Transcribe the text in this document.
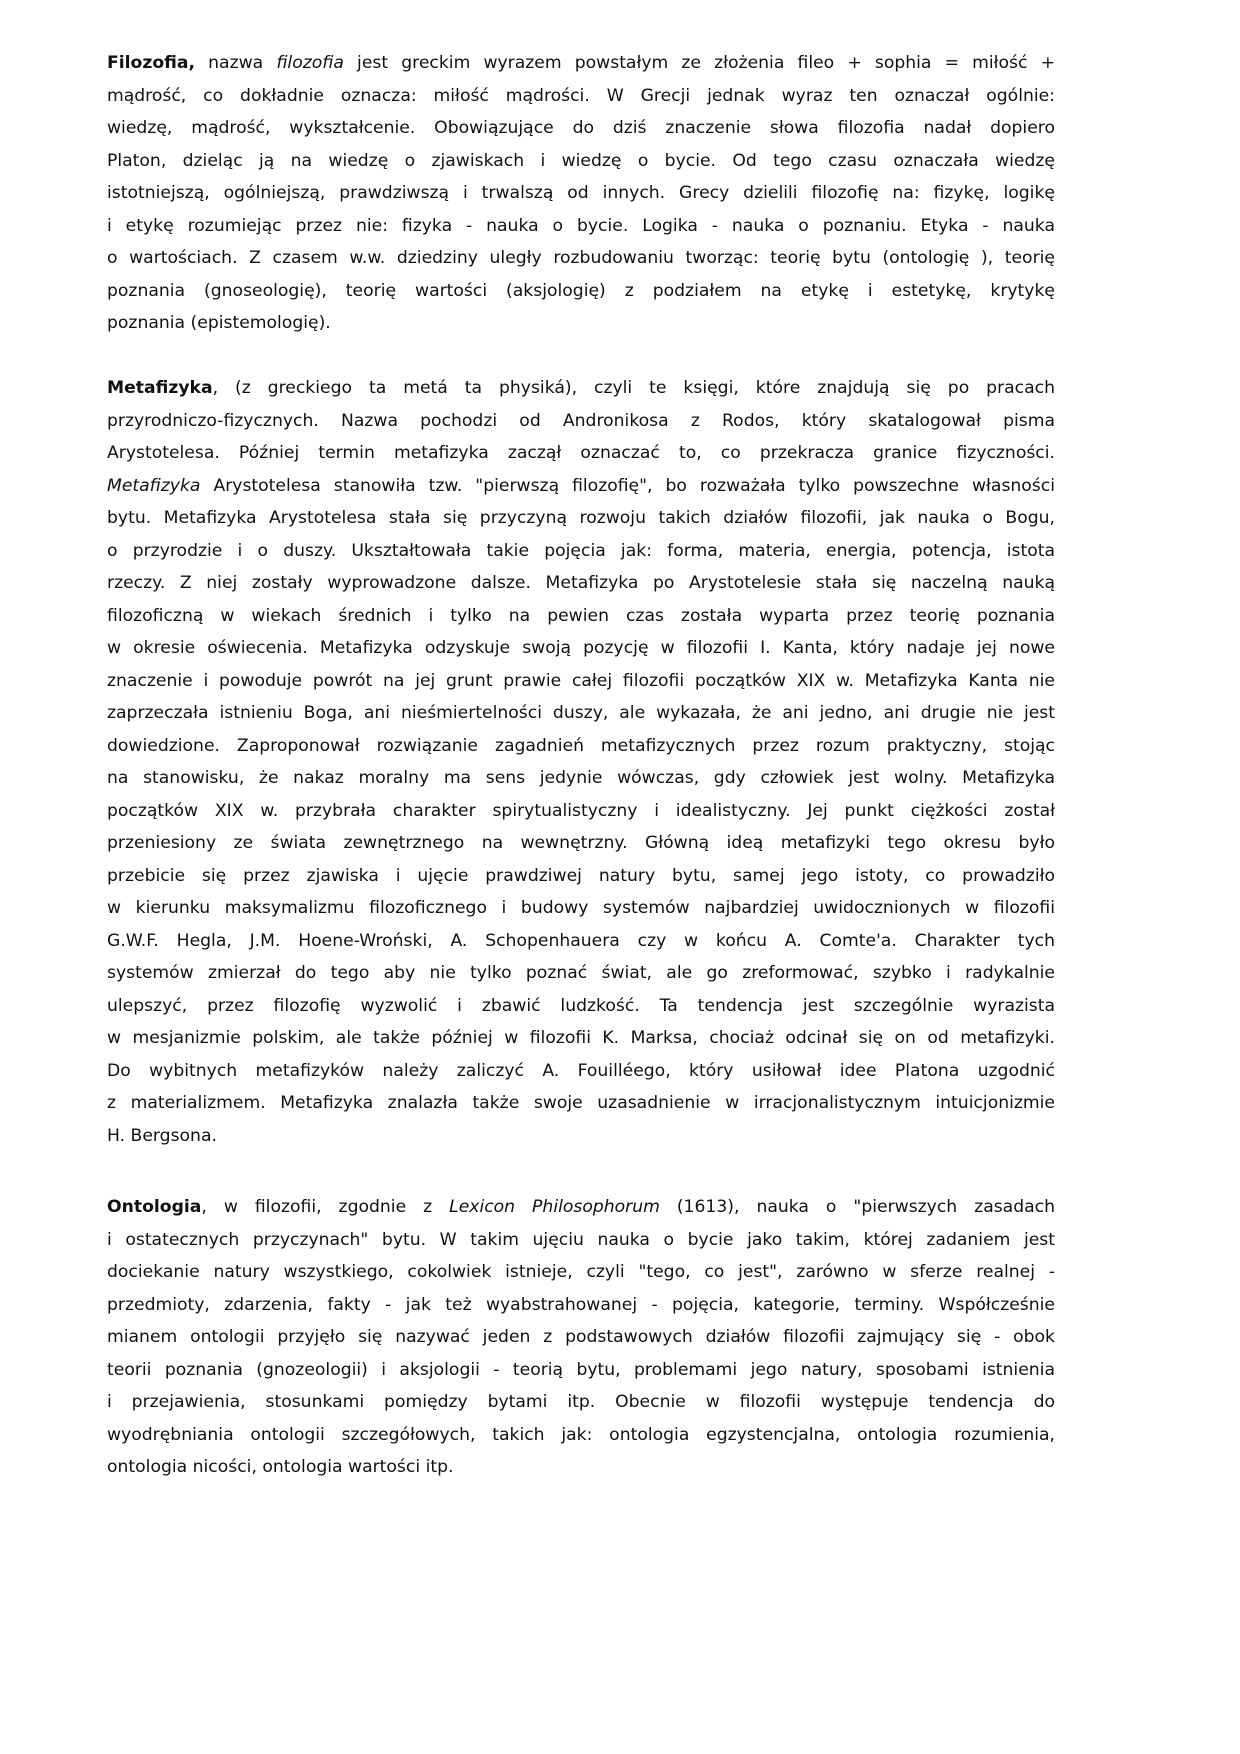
Filozofia, nazwa filozofia jest greckim wyrazem powstałym ze złożenia fileo + sophia = miłość +
mądrość, co dokładnie oznacza: miłość mądrości. W Grecji jednak wyraz ten oznaczał ogólnie:
wiedzę, mądrość, wykształcenie. Obowiązujące do dziś znaczenie słowa filozofia nadał dopiero
Platon, dzieląc ją na wiedzę o zjawiskach i wiedzę o bycie. Od tego czasu oznaczała wiedzę
istotniejszą, ogólniejszą, prawdziwszą i trwalszą od innych. Grecy dzielili filozofię na: fizykę, logikę
i etykę rozumiejąc przez nie: fizyka - nauka o bycie. Logika - nauka o poznaniu. Etyka - nauka
o wartościach. Z czasem w.w. dziedziny uległy rozbudowaniu tworząc: teorię bytu (ontologię ), teorię
poznania (gnoseologię), teorię wartości (aksjologię) z podziałem na etykę i estetykę, krytykę
poznania (epistemologię).
Metafizyka, (z greckiego ta metá ta physiká), czyli te księgi, które znajdują się po pracach
przyrodniczo-fizycznych. Nazwa pochodzi od Andronikosa z Rodos, który skatalogował pisma
Arystotelesa. Później termin metafizyka zaczął oznaczać to, co przekracza granice fizyczności.
Metafizyka Arystotelesa stanowiła tzw. "pierwszą filozofię", bo rozważała tylko powszechne własności
bytu. Metafizyka Arystotelesa stała się przyczyną rozwoju takich działów filozofii, jak nauka o Bogu,
o przyrodzie i o duszy. Ukształtowała takie pojęcia jak: forma, materia, energia, potencja, istota
rzeczy. Z niej zostały wyprowadzone dalsze. Metafizyka po Arystotelesie stała się naczelną nauką
filozoficzną w wiekach średnich i tylko na pewien czas została wyparta przez teorię poznania
w okresie oświecenia. Metafizyka odzyskuje swoją pozycję w filozofii I. Kanta, który nadaje jej nowe
znaczenie i powoduje powrót na jej grunt prawie całej filozofii początków XIX w. Metafizyka Kanta nie
zaprzeczała istnieniu Boga, ani nieśmiertelności duszy, ale wykazała, że ani jedno, ani drugie nie jest
dowiedzione. Zaproponował rozwiązanie zagadnień metafizycznych przez rozum praktyczny, stojąc
na stanowisku, że nakaz moralny ma sens jedynie wówczas, gdy człowiek jest wolny. Metafizyka
początków XIX w. przybrała charakter spirytualistyczny i idealistyczny. Jej punkt ciężkości został
przeniesiony ze świata zewnętrznego na wewnętrzny. Główną ideą metafizyki tego okresu było
przebicie się przez zjawiska i ujęcie prawdziwej natury bytu, samej jego istoty, co prowadziło
w kierunku maksymalizmu filozoficznego i budowy systemów najbardziej uwidocznionych w filozofii
G.W.F. Hegla, J.M. Hoene-Wroński, A. Schopenhauera czy w końcu A. Comte'a. Charakter tych
systemów zmierzał do tego aby nie tylko poznać świat, ale go zreformować, szybko i radykalnie
ulepszyć, przez filozofię wyzwolić i zbawić ludzkość. Ta tendencja jest szczególnie wyrazista
w mesjanizmie polskim, ale także później w filozofii K. Marksa, chociaż odcinał się on od metafizyki.
Do wybitnych metafizyków należy zaliczyć A. Fouilléego, który usiłował idee Platona uzgodnić
z materializmem. Metafizyka znalazła także swoje uzasadnienie w irracjonalistycznym intuicjonizmie
H. Bergsona.
Ontologia, w filozofii, zgodnie z Lexicon Philosophorum (1613), nauka o "pierwszych zasadach
i ostatecznych przyczynach" bytu. W takim ujęciu nauka o bycie jako takim, której zadaniem jest
dociekanie natury wszystkiego, cokolwiek istnieje, czyli "tego, co jest", zarówno w sferze realnej -
przedmioty, zdarzenia, fakty - jak też wyabstrahowanej - pojęcia, kategorie, terminy. Współcześnie
mianem ontologii przyjęło się nazywać jeden z podstawowych działów filozofii zajmujący się - obok
teorii poznania (gnozeologii) i aksjologii - teorią bytu, problemami jego natury, sposobami istnienia
i przejawienia, stosunkami pomiędzy bytami itp. Obecnie w filozofii występuje tendencja do
wyodrębniania ontologii szczegółowych, takich jak: ontologia egzystencjalna, ontologia rozumienia,
ontologia nicości, ontologia wartości itp.
